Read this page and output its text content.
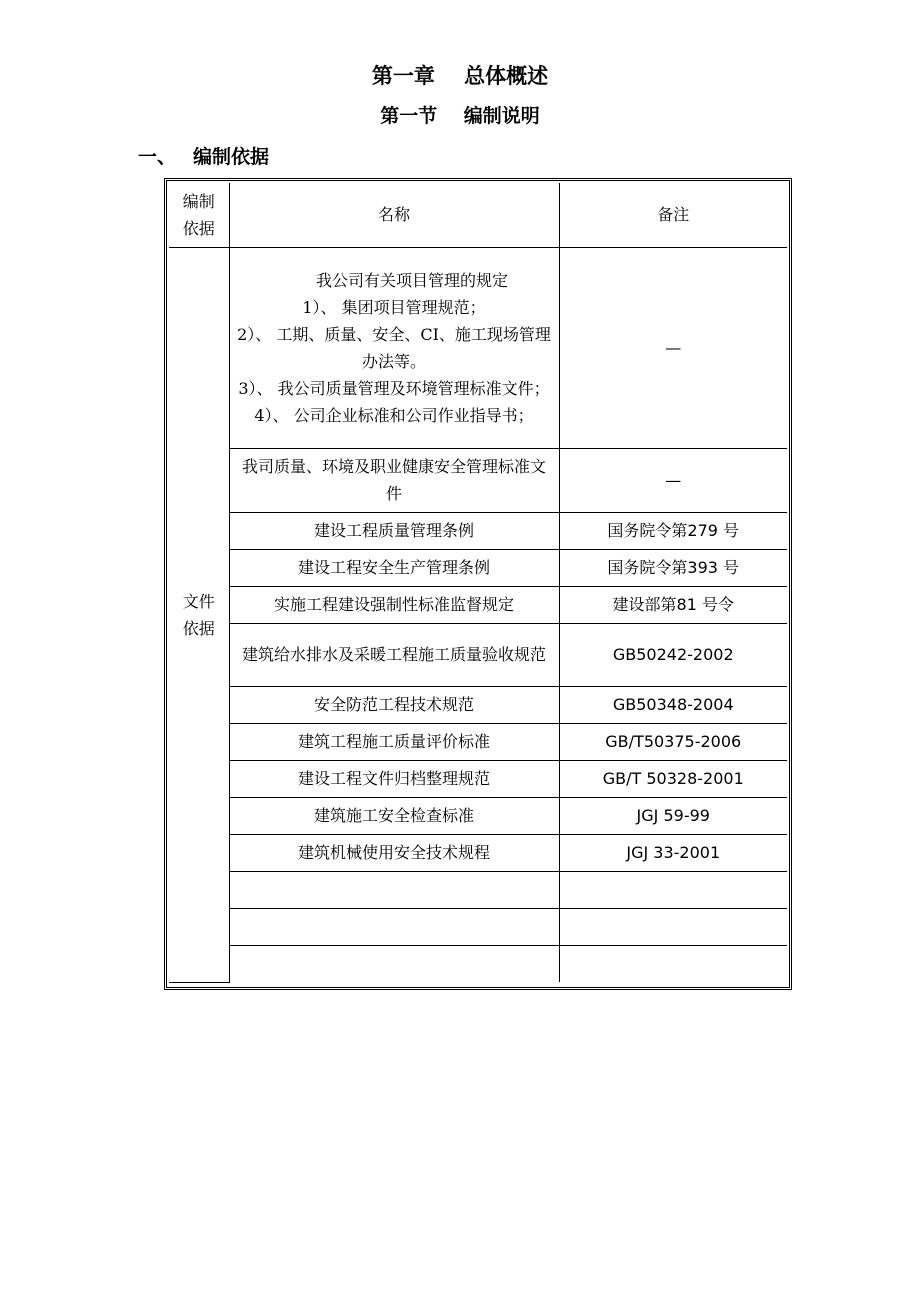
第一章    总体概述
第一节    编制说明
一、 编制依据
编制
依据	名称	备注
文件
依据	我公司有关项目管理的规定
1）、 集团项目管理规范；
2）、 工期、质量、安全、CI、施工现场管理办法等。
3）、 我公司质量管理及环境管理标准文件；
4）、 公司企业标准和公司作业指导书；	—
	我司质量、环境及职业健康安全管理标准文件	—
	建设工程质量管理条例	国务院令第279 号
	建设工程安全生产管理条例	国务院令第393 号
	实施工程建设强制性标准监督规定	建设部第81 号令
	建筑给水排水及采暖工程施工质量验收规范	GB50242-2002
	安全防范工程技术规范	GB50348-2004
	建筑工程施工质量评价标准	GB/T50375-2006
	建设工程文件归档整理规范	GB/T 50328-2001
	建筑施工安全检查标准	JGJ 59-99
	建筑机械使用安全技术规程	JGJ 33-2001
